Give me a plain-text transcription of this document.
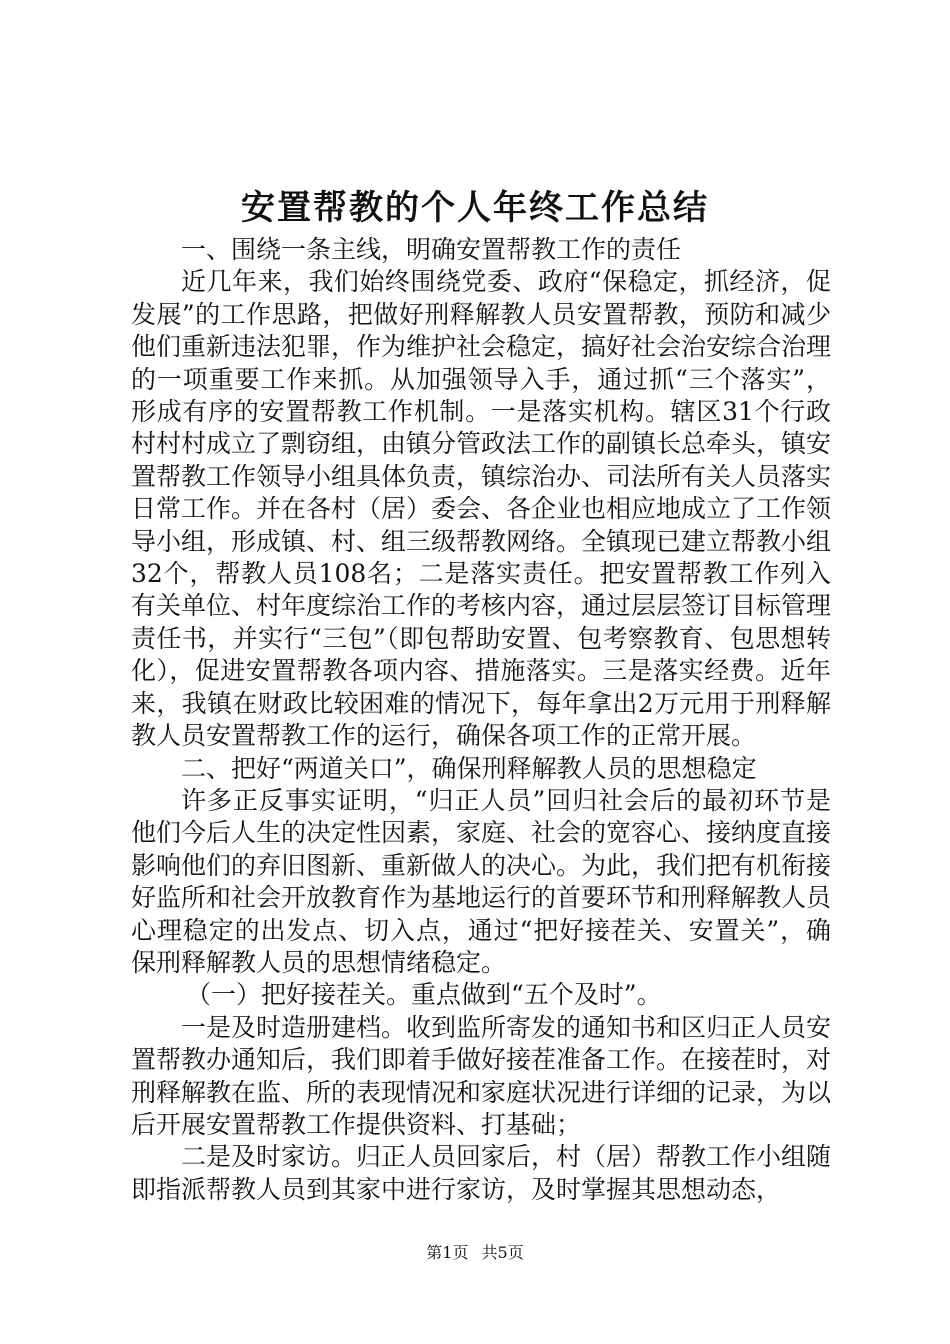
安置帮教的个人年终工作总结

一、围绕一条主线，明确安置帮教工作的责任

近几年来，我们始终围绕党委、政府“保稳定，抓经济，促发展”的工作思路，把做好刑释解教人员安置帮教，预防和减少他们重新违法犯罪，作为维护社会稳定，搞好社会治安综合治理的一项重要工作来抓。从加强领导入手，通过抓“三个落实”，形成有序的安置帮教工作机制。一是落实机构。辖区31个行政村村村成立了剽窃组，由镇分管政法工作的副镇长总牵头，镇安置帮教工作领导小组具体负责，镇综治办、司法所有关人员落实日常工作。并在各村（居）委会、各企业也相应地成立了工作领导小组，形成镇、村、组三级帮教网络。全镇现已建立帮教小组32个，帮教人员108名；二是落实责任。把安置帮教工作列入有关单位、村年度综治工作的考核内容，通过层层签订目标管理责任书，并实行“三包”（即包帮助安置、包考察教育、包思想转化），促进安置帮教各项内容、措施落实。三是落实经费。近年来，我镇在财政比较困难的情况下，每年拿出2万元用于刑释解教人员安置帮教工作的运行，确保各项工作的正常开展。

二、把好“两道关口”，确保刑释解教人员的思想稳定

许多正反事实证明，“归正人员”回归社会后的最初环节是他们今后人生的决定性因素，家庭、社会的宽容心、接纳度直接影响他们的弃旧图新、重新做人的决心。为此，我们把有机衔接好监所和社会开放教育作为基地运行的首要环节和刑释解教人员心理稳定的出发点、切入点，通过“把好接茬关、安置关”，确保刑释解教人员的思想情绪稳定。

（一）把好接茬关。重点做到“五个及时”。

一是及时造册建档。收到监所寄发的通知书和区归正人员安置帮教办通知后，我们即着手做好接茬准备工作。在接茬时，对刑释解教在监、所的表现情况和家庭状况进行详细的记录，为以后开展安置帮教工作提供资料、打基础；

二是及时家访。归正人员回家后，村（居）帮教工作小组随即指派帮教人员到其家中进行家访，及时掌握其思想动态，

第1页 共5页
